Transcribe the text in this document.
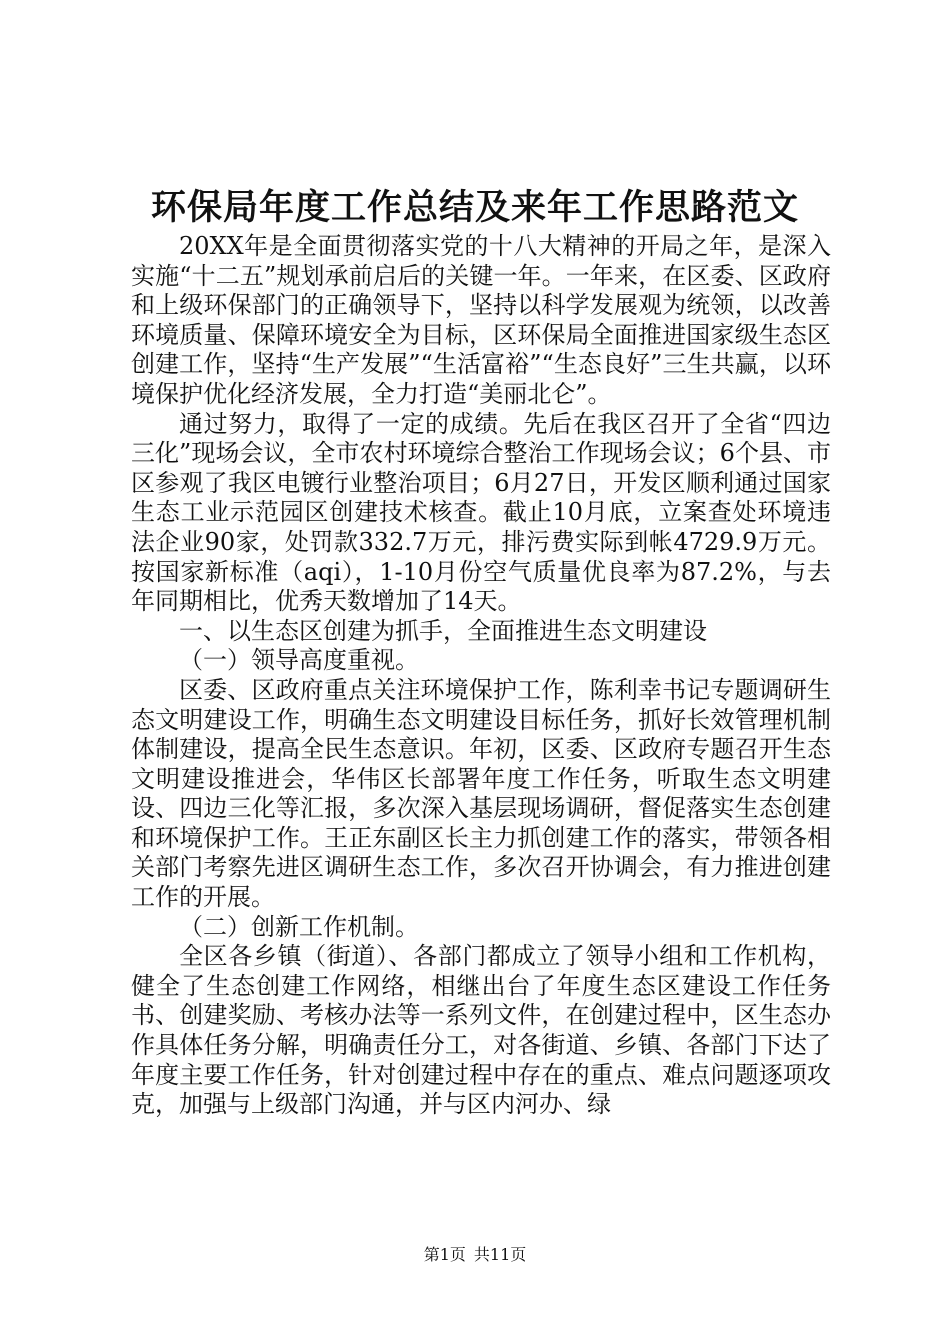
环保局年度工作总结及来年工作思路范文

20XX年是全面贯彻落实党的十八大精神的开局之年，是深入实施“十二五”规划承前启后的关键一年。一年来，在区委、区政府和上级环保部门的正确领导下，坚持以科学发展观为统领，以改善环境质量、保障环境安全为目标，区环保局全面推进国家级生态区创建工作，坚持“生产发展”“生活富裕”“生态良好”三生共赢，以环境保护优化经济发展，全力打造“美丽北仑”。

通过努力，取得了一定的成绩。先后在我区召开了全省“四边三化”现场会议，全市农村环境综合整治工作现场会议；6个县、市区参观了我区电镀行业整治项目；6月27日，开发区顺利通过国家生态工业示范园区创建技术核查。截止10月底，立案查处环境违法企业90家，处罚款332.7万元，排污费实际到帐4729.9万元。按国家新标准（aqi），1-10月份空气质量优良率为87.2%，与去年同期相比，优秀天数增加了14天。

一、以生态区创建为抓手，全面推进生态文明建设

（一）领导高度重视。

区委、区政府重点关注环境保护工作，陈利幸书记专题调研生态文明建设工作，明确生态文明建设目标任务，抓好长效管理机制体制建设，提高全民生态意识。年初，区委、区政府专题召开生态文明建设推进会，华伟区长部署年度工作任务，听取生态文明建设、四边三化等汇报，多次深入基层现场调研，督促落实生态创建和环境保护工作。王正东副区长主力抓创建工作的落实，带领各相关部门考察先进区调研生态工作，多次召开协调会，有力推进创建工作的开展。

（二）创新工作机制。

全区各乡镇（街道）、各部门都成立了领导小组和工作机构，健全了生态创建工作网络，相继出台了年度生态区建设工作任务书、创建奖励、考核办法等一系列文件，在创建过程中，区生态办作具体任务分解，明确责任分工，对各街道、乡镇、各部门下达了年度主要工作任务，针对创建过程中存在的重点、难点问题逐项攻克，加强与上级部门沟通，并与区内河办、绿

第1页 共11页
